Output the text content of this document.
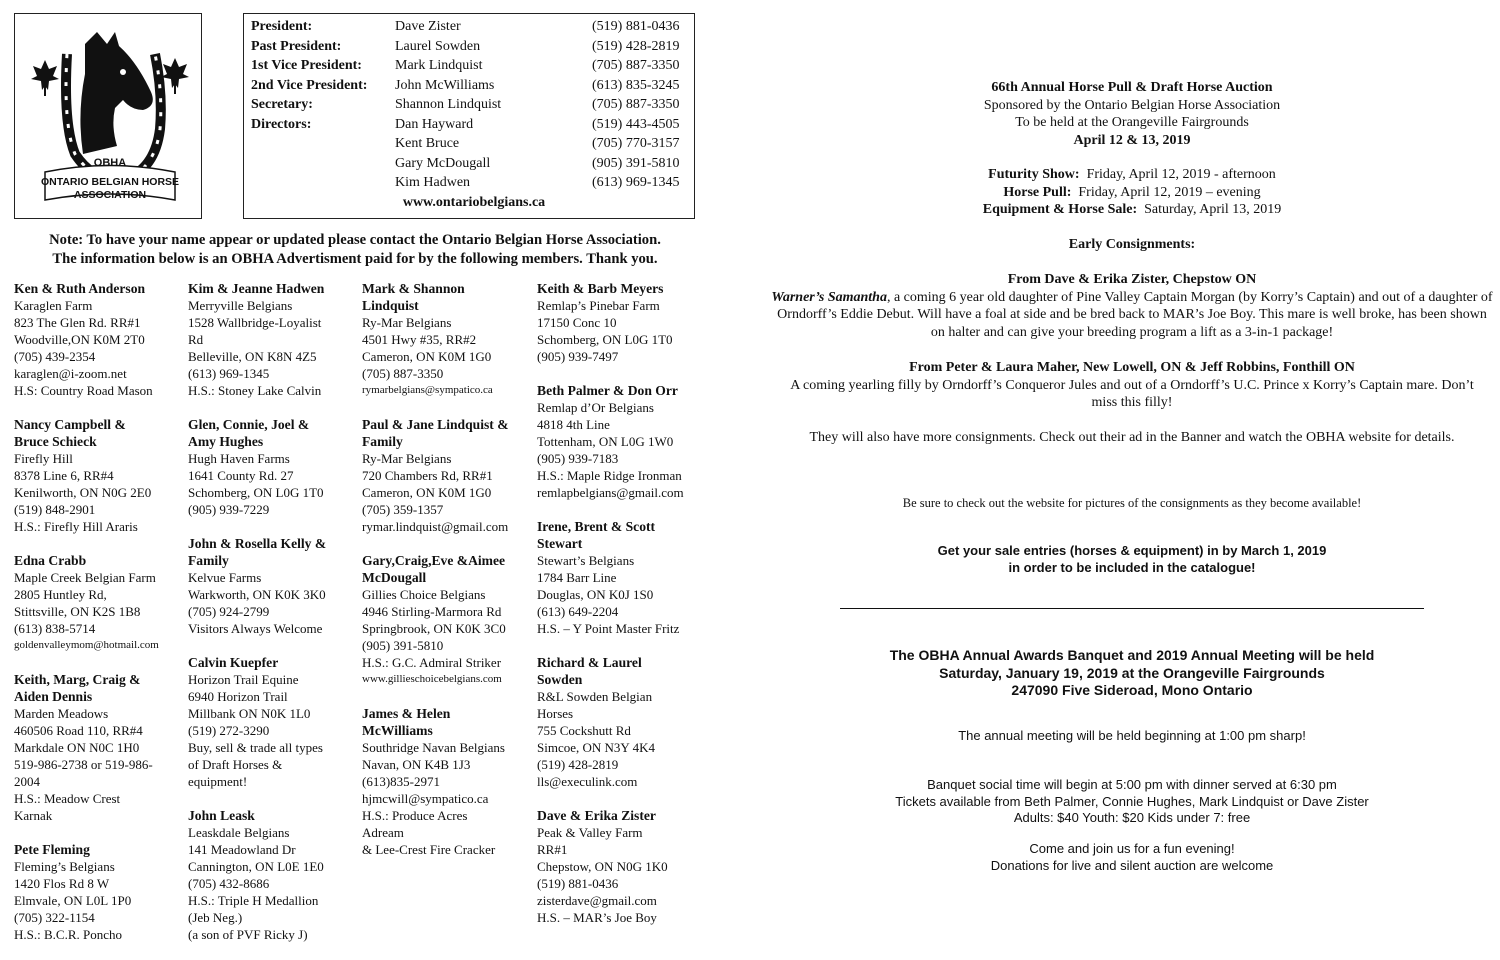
OBHA
ONTARIO BELGIAN HORSE
ASSOCIATION
President:	Dave Zister	(519) 881-0436
Past President:	Laurel Sowden	(519) 428-2819
1st Vice President: Mark Lindquist	(705) 887-3350
2nd Vice President: John McWilliams	(613) 835-3245
Secretary:	Shannon Lindquist	(705) 887-3350
Directors:	Dan Hayward	(519) 443-4505
Kent Bruce	(705) 770-3157
Gary McDougall	(905) 391-5810
Kim Hadwen	(613) 969-1345
www.ontariobelgians.ca
Note: To have your name appear or updated please contact the Ontario Belgian Horse Association.
The information below is an OBHA Advertisment paid for by the following members. Thank you.
Ken & Ruth Anderson
Karaglen Farm
823 The Glen Rd. RR#1
Woodville,ON K0M 2T0
(705) 439-2354
karaglen@i-zoom.net
H.S: Country Road Mason
Nancy Campbell &
Bruce Schieck
Firefly Hill
8378 Line 6, RR#4
Kenilworth, ON N0G 2E0
(519) 848-2901
H.S.: Firefly Hill Araris
Edna Crabb
Maple Creek Belgian Farm
2805 Huntley Rd,
Stittsville, ON K2S 1B8
(613) 838-5714
goldenvalleymom@hotmail.com
Keith, Marg, Craig &
Aiden Dennis
Marden Meadows
460506 Road 110, RR#4
Markdale ON N0C 1H0
519-986-2738 or 519-986-
2004
H.S.: Meadow Crest
Karnak
Pete Fleming
Fleming’s Belgians
1420 Flos Rd 8 W
Elmvale, ON L0L 1P0
(705) 322-1154
H.S.: B.C.R. Poncho
Kim & Jeanne Hadwen
Merryville Belgians
1528 Wallbridge-Loyalist
Rd
Belleville, ON K8N 4Z5
(613) 969-1345
H.S.: Stoney Lake Calvin
Glen, Connie, Joel &
Amy Hughes
Hugh Haven Farms
1641 County Rd. 27
Schomberg, ON L0G 1T0
(905) 939-7229
John & Rosella Kelly &
Family
Kelvue Farms
Warkworth, ON K0K 3K0
(705) 924-2799
Visitors Always Welcome
Calvin Kuepfer
Horizon Trail Equine
6940 Horizon Trail
Millbank ON N0K 1L0
(519) 272-3290
Buy, sell & trade all types
of Draft Horses &
equipment!
John Leask
Leaskdale Belgians
141 Meadowland Dr
Cannington, ON L0E 1E0
(705) 432-8686
H.S.: Triple H Medallion
(Jeb Neg.)
(a son of PVF Ricky J)
Mark & Shannon
Lindquist
Ry-Mar Belgians
4501 Hwy #35, RR#2
Cameron, ON K0M 1G0
(705) 887-3350
rymarbelgians@sympatico.ca
Paul & Jane Lindquist &
Family
Ry-Mar Belgians
720 Chambers Rd, RR#1
Cameron, ON K0M 1G0
(705) 359-1357
rymar.lindquist@gmail.com
Gary,Craig,Eve &Aimee
McDougall
Gillies Choice Belgians
4946 Stirling-Marmora Rd
Springbrook, ON K0K 3C0
(905) 391-5810
H.S.: G.C. Admiral Striker
www.gillieschoicebelgians.com
James & Helen
McWilliams
Southridge Navan Belgians
Navan, ON K4B 1J3
(613)835-2971
hjmcwill@sympatico.ca
H.S.: Produce Acres
Adream
& Lee-Crest Fire Cracker
Keith & Barb Meyers
Remlap’s Pinebar Farm
17150 Conc 10
Schomberg, ON L0G 1T0
(905) 939-7497
Beth Palmer & Don Orr
Remlap d’Or Belgians
4818 4th Line
Tottenham, ON L0G 1W0
(905) 939-7183
H.S.: Maple Ridge Ironman
remlapbelgians@gmail.com
Irene, Brent & Scott
Stewart
Stewart’s Belgians
1784 Barr Line
Douglas, ON K0J 1S0
(613) 649-2204
H.S. – Y Point Master Fritz
Richard & Laurel
Sowden
R&L Sowden Belgian
Horses
755 Cockshutt Rd
Simcoe, ON N3Y 4K4
(519) 428-2819
lls@execulink.com
Dave & Erika Zister
Peak & Valley Farm
RR#1
Chepstow, ON N0G 1K0
(519) 881-0436
zisterdave@gmail.com
H.S. – MAR’s Joe Boy
66th Annual Horse Pull & Draft Horse Auction
Sponsored by the Ontario Belgian Horse Association
To be held at the Orangeville Fairgrounds
April 12 & 13, 2019
Futurity Show:  Friday, April 12, 2019 - afternoon
Horse Pull:  Friday, April 12, 2019 – evening
Equipment & Horse Sale:  Saturday, April 13, 2019
Early Consignments:
From Dave & Erika Zister, Chepstow ON
Warner’s Samantha, a coming 6 year old daughter of Pine Valley Captain Morgan (by Korry’s Captain) and out of a daughter of Orndorff’s Eddie Debut. Will have a foal at side and be bred back to MAR’s Joe Boy. This mare is well broke, has been shown on halter and can give your breeding program a lift as a 3-in-1 package!
From Peter & Laura Maher, New Lowell, ON & Jeff Robbins, Fonthill ON
A coming yearling filly by Orndorff’s Conqueror Jules and out of a Orndorff’s U.C. Prince x Korry’s Captain mare. Don’t miss this filly!
They will also have more consignments. Check out their ad in the Banner and watch the OBHA website for details.
Be sure to check out the website for pictures of the consignments as they become available!
Get your sale entries (horses & equipment) in by March 1, 2019
in order to be included in the catalogue!
The OBHA Annual Awards Banquet and 2019 Annual Meeting will be held
Saturday, January 19, 2019 at the Orangeville Fairgrounds
247090 Five Sideroad, Mono Ontario
The annual meeting will be held beginning at 1:00 pm sharp!
Banquet social time will begin at 5:00 pm with dinner served at 6:30 pm
Tickets available from Beth Palmer, Connie Hughes, Mark Lindquist or Dave Zister
Adults: $40 Youth: $20 Kids under 7: free
Come and join us for a fun evening!
Donations for live and silent auction are welcome
